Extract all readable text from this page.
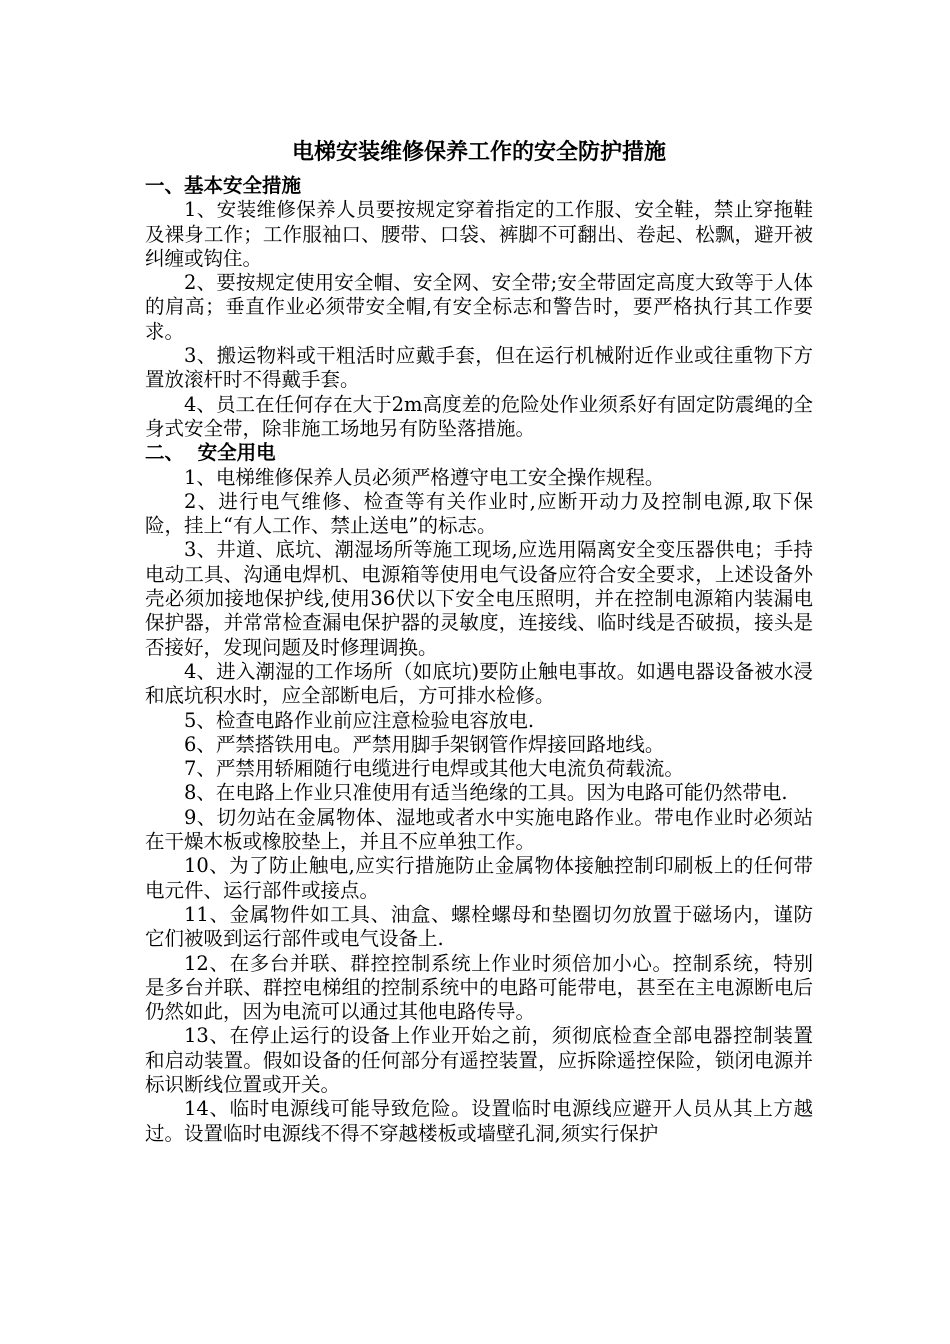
电梯安装维修保养工作的安全防护措施
一、基本安全措施

1、安装维修保养人员要按规定穿着指定的工作服、安全鞋，禁止穿拖鞋及裸身工作；工作服袖口、腰带、口袋、裤脚不可翻出、卷起、松飘，避开被纠缠或钩住。

2、要按规定使用安全帽、安全网、安全带;安全带固定高度大致等于人体的肩高；垂直作业必须带安全帽,有安全标志和警告时，要严格执行其工作要求。

3、搬运物料或干粗活时应戴手套，但在运行机械附近作业或往重物下方置放滚杆时不得戴手套。

4、员工在任何存在大于2m高度差的危险处作业须系好有固定防震绳的全身式安全带，除非施工场地另有防坠落措施。

二、  安全用电

1、电梯维修保养人员必须严格遵守电工安全操作规程。

2、进行电气维修、检查等有关作业时,应断开动力及控制电源,取下保险，挂上“有人工作、禁止送电”的标志。

3、井道、底坑、潮湿场所等施工现场,应选用隔离安全变压器供电；手持电动工具、沟通电焊机、电源箱等使用电气设备应符合安全要求，上述设备外壳必须加接地保护线,使用36伏以下安全电压照明，并在控制电源箱内装漏电保护器，并常常检查漏电保护器的灵敏度，连接线、临时线是否破损，接头是否接好，发现问题及时修理调换。

4、进入潮湿的工作场所（如底坑)要防止触电事故。如遇电器设备被水浸和底坑积水时，应全部断电后，方可排水检修。

5、检查电路作业前应注意检验电容放电.

6、严禁搭铁用电。严禁用脚手架钢管作焊接回路地线。

7、严禁用轿厢随行电缆进行电焊或其他大电流负荷载流。

8、在电路上作业只准使用有适当绝缘的工具。因为电路可能仍然带电.

9、切勿站在金属物体、湿地或者水中实施电路作业。带电作业时必须站在干燥木板或橡胶垫上，并且不应单独工作。

10、为了防止触电,应实行措施防止金属物体接触控制印刷板上的任何带电元件、运行部件或接点。

11、金属物件如工具、油盒、螺栓螺母和垫圈切勿放置于磁场内，谨防它们被吸到运行部件或电气设备上.

12、在多台并联、群控控制系统上作业时须倍加小心。控制系统，特别是多台并联、群控电梯组的控制系统中的电路可能带电，甚至在主电源断电后仍然如此，因为电流可以通过其他电路传导。

13、在停止运行的设备上作业开始之前，须彻底检查全部电器控制装置和启动装置。假如设备的任何部分有遥控装置，应拆除遥控保险，锁闭电源并标识断线位置或开关。

14、临时电源线可能导致危险。设置临时电源线应避开人员从其上方越过。设置临时电源线不得不穿越楼板或墙壁孔洞,须实行保护
